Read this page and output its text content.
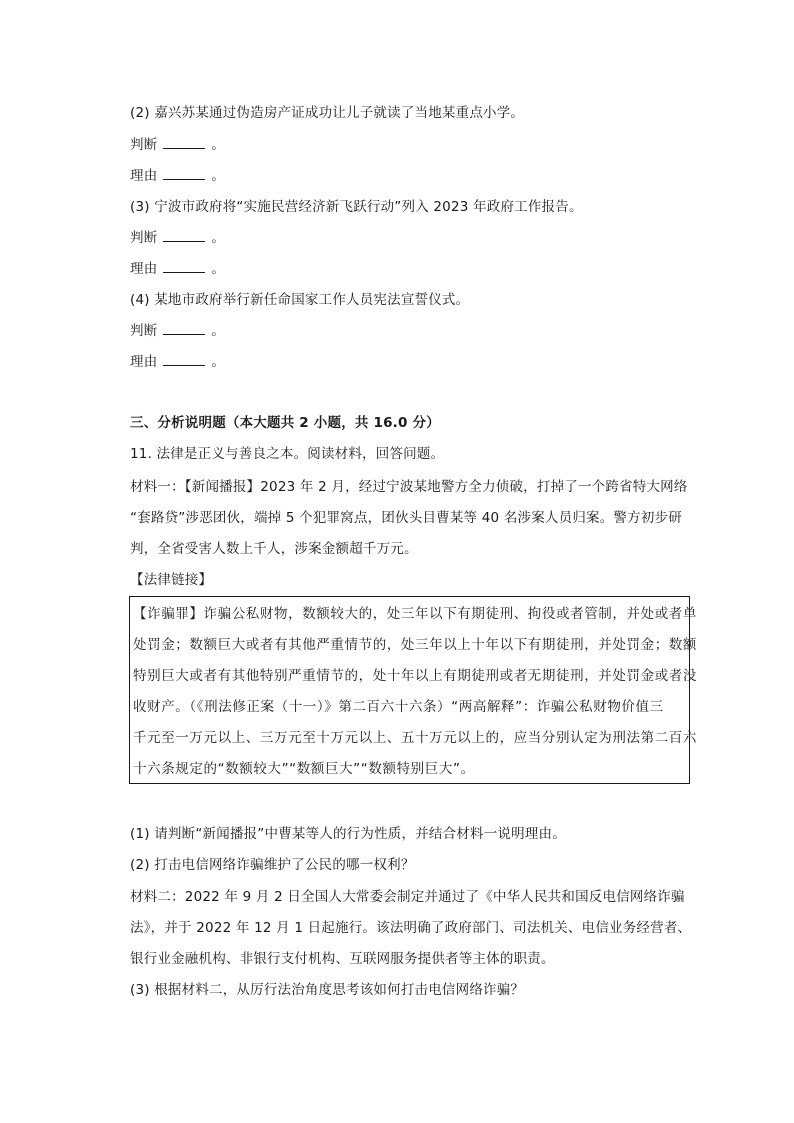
(2) 嘉兴苏某通过伪造房产证成功让儿子就读了当地某重点小学。
判断	。
理由	。
(3) 宁波市政府将“实施民营经济新飞跃行动”列入 2023 年政府工作报告。
判断	。
理由	。
(4) 某地市政府举行新任命国家工作人员宪法宣誓仪式。
判断	。
理由	。
三、分析说明题（本大题共 2 小题，共 16.0 分）
11. 法律是正义与善良之本。阅读材料，回答问题。
材料一：【新闻播报】2023 年 2 月，经过宁波某地警方全力侦破，打掉了一个跨省特大网络
“套路贷”涉恶团伙，端掉 5 个犯罪窝点，团伙头目曹某等 40 名涉案人员归案。警方初步研
判，全省受害人数上千人，涉案金额超千万元。
【法律链接】
【诈骗罪】诈骗公私财物，数额较大的，处三年以下有期徒刑、拘役或者管制，并处或者单
处罚金；数额巨大或者有其他严重情节的，处三年以上十年以下有期徒刑，并处罚金；数额
特别巨大或者有其他特别严重情节的，处十年以上有期徒刑或者无期徒刑，并处罚金或者没
收财产。（《刑法修正案（十一）》第二百六十六条）“两高解释”：诈骗公私财物价值三
千元至一万元以上、三万元至十万元以上、五十万元以上的，应当分别认定为刑法第二百六
十六条规定的“数额较大”“数额巨大”“数额特别巨大”。
(1) 请判断“新闻播报”中曹某等人的行为性质，并结合材料一说明理由。
(2) 打击电信网络诈骗维护了公民的哪一权利？
材料二：2022 年 9 月 2 日全国人大常委会制定并通过了《中华人民共和国反电信网络诈骗
法》，并于 2022 年 12 月 1 日起施行。该法明确了政府部门、司法机关、电信业务经营者、
银行业金融机构、非银行支付机构、互联网服务提供者等主体的职责。
(3) 根据材料二，从厉行法治角度思考该如何打击电信网络诈骗？
